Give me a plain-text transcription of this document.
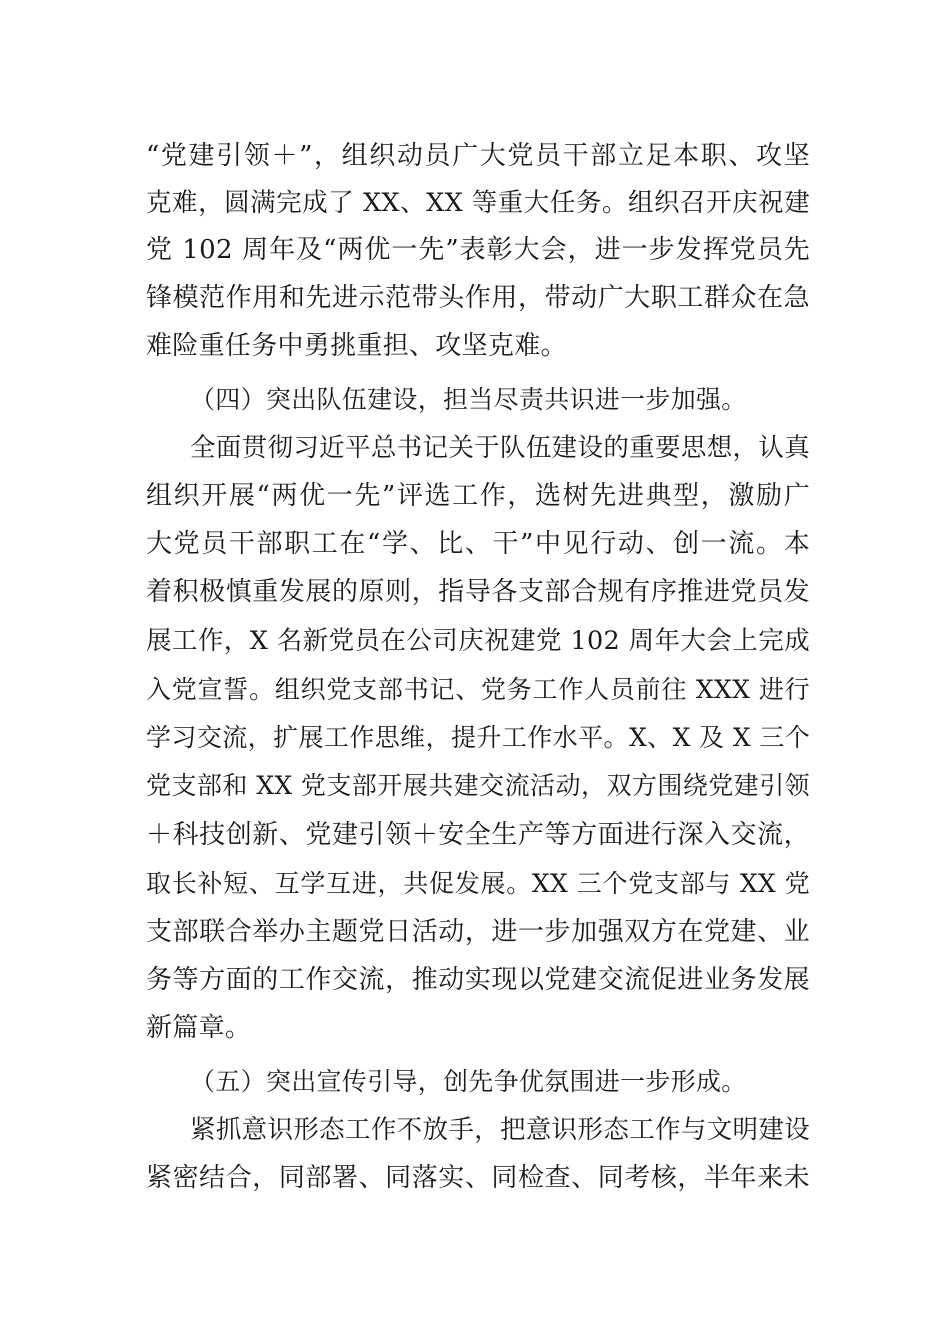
“党建引领＋”，组织动员广大党员干部立足本职、攻坚
克难，圆满完成了 XX、XX 等重大任务。组织召开庆祝建
党 102 周年及“两优一先”表彰大会，进一步发挥党员先
锋模范作用和先进示范带头作用，带动广大职工群众在急
难险重任务中勇挑重担、攻坚克难。
（四）突出队伍建设，担当尽责共识进一步加强。
全面贯彻习近平总书记关于队伍建设的重要思想，认真
组织开展“两优一先”评选工作，选树先进典型，激励广
大党员干部职工在“学、比、干”中见行动、创一流。本
着积极慎重发展的原则，指导各支部合规有序推进党员发
展工作，X 名新党员在公司庆祝建党 102 周年大会上完成
入党宣誓。组织党支部书记、党务工作人员前往 XXX 进行
学习交流，扩展工作思维，提升工作水平。X、X 及 X 三个
党支部和 XX 党支部开展共建交流活动，双方围绕党建引领
＋科技创新、党建引领＋安全生产等方面进行深入交流，
取长补短、互学互进，共促发展。XX 三个党支部与 XX 党
支部联合举办主题党日活动，进一步加强双方在党建、业
务等方面的工作交流，推动实现以党建交流促进业务发展
新篇章。
（五）突出宣传引导，创先争优氛围进一步形成。
紧抓意识形态工作不放手，把意识形态工作与文明建设
紧密结合，同部署、同落实、同检查、同考核，半年来未
